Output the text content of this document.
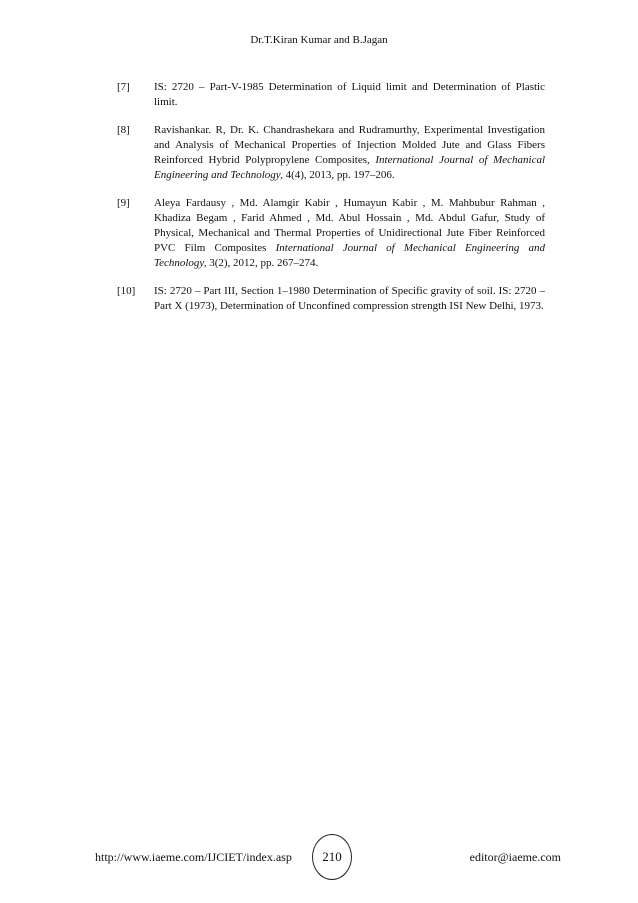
Dr.T.Kiran Kumar and B.Jagan
[7]	IS: 2720 – Part-V-1985 Determination of Liquid limit and Determination of Plastic limit.
[8]	Ravishankar. R, Dr. K. Chandrashekara and Rudramurthy, Experimental Investigation and Analysis of Mechanical Properties of Injection Molded Jute and Glass Fibers Reinforced Hybrid Polypropylene Composites, International Journal of Mechanical Engineering and Technology, 4(4), 2013, pp. 197–206.
[9]	Aleya Fardausy , Md. Alamgir Kabir , Humayun Kabir , M. Mahbubur Rahman , Khadiza Begam , Farid Ahmed , Md. Abul Hossain , Md. Abdul Gafur, Study of Physical, Mechanical and Thermal Properties of Unidirectional Jute Fiber Reinforced PVC Film Composites International Journal of Mechanical Engineering and Technology, 3(2), 2012, pp. 267–274.
[10]	IS: 2720 – Part III, Section 1–1980 Determination of Specific gravity of soil. IS: 2720 – Part X (1973), Determination of Unconfined compression strength ISI New Delhi, 1973.
http://www.iaeme.com/IJCIET/index.asp	210	editor@iaeme.com
